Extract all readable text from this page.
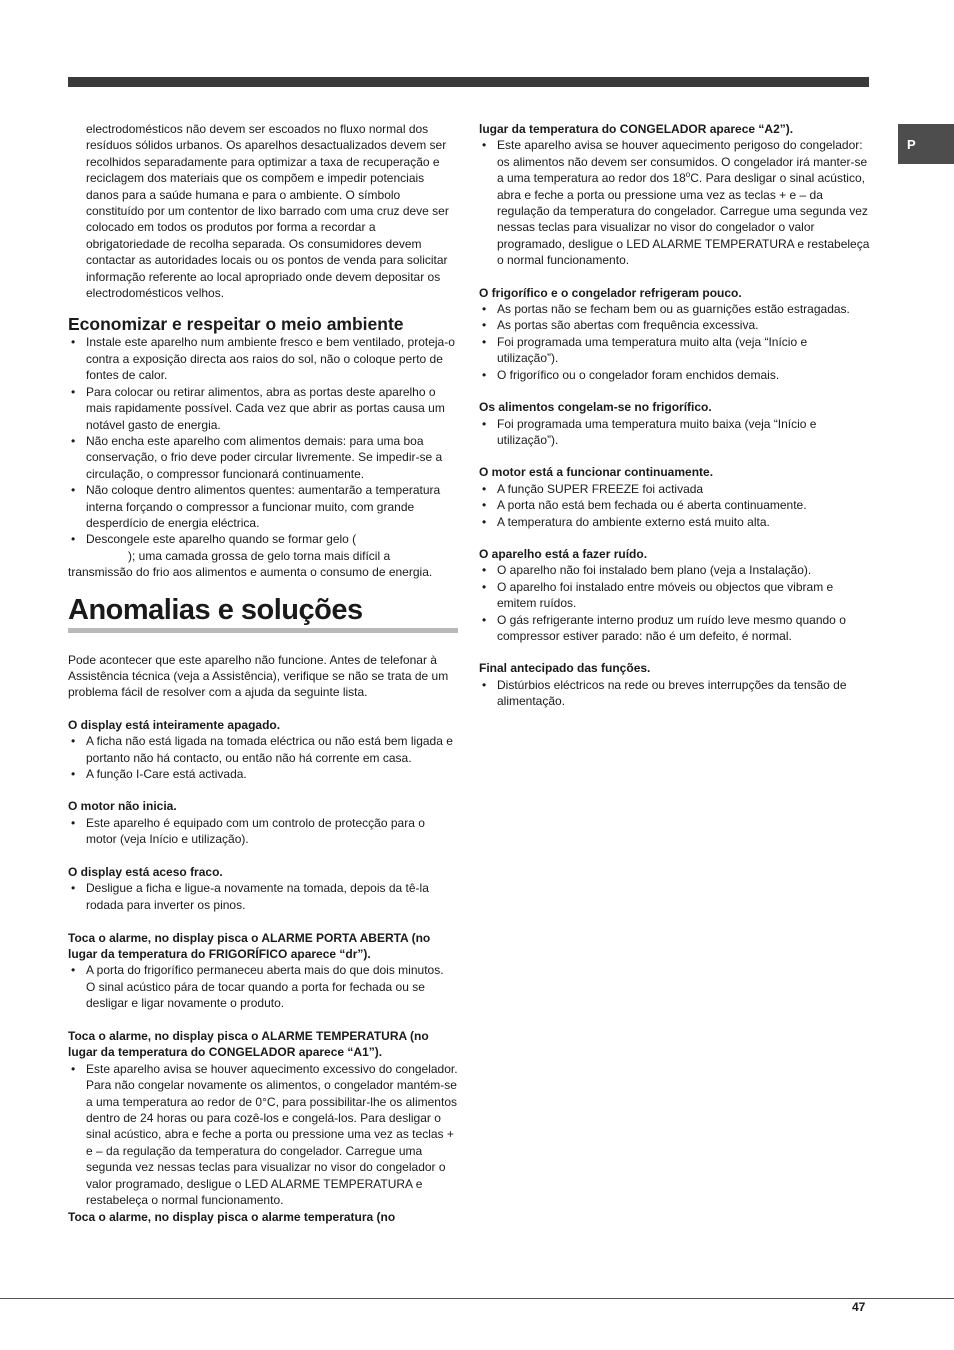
P

electrodomésticos não devem ser escoados no fluxo normal dos resíduos sólidos urbanos. Os aparelhos desactualizados devem ser recolhidos separadamente para optimizar a taxa de recuperação e reciclagem dos materiais que os compõem e impedir potenciais danos para a saúde humana e para o ambiente. O símbolo constituído por um contentor de lixo barrado com uma cruz deve ser colocado em todos os produtos por forma a recordar a obrigatoriedade de recolha separada. Os consumidores devem contactar as autoridades locais ou os pontos de venda para solicitar informação referente ao local apropriado onde devem depositar os electrodomésticos velhos.

Economizar e respeitar o meio ambiente
• Instale este aparelho num ambiente fresco e bem ventilado, proteja-o contra a exposição directa aos raios do sol, não o coloque perto de fontes de calor.
• Para colocar ou retirar alimentos, abra as portas deste aparelho o mais rapidamente possível. Cada vez que abrir as portas causa um notável gasto de energia.
• Não encha este aparelho com alimentos demais: para uma boa conservação, o frio deve poder circular livremente. Se impedir-se a circulação, o compressor funcionará continuamente.
• Não coloque dentro alimentos quentes: aumentarão a temperatura interna forçando o compressor a funcionar muito, com grande desperdício de energia eléctrica.
• Descongele este aparelho quando se formar gelo (

); uma camada grossa de gelo torna mais difícil a transmissão do frio aos alimentos e aumenta o consumo de energia.

Anomalias e soluções

Pode acontecer que este aparelho não funcione. Antes de telefonar à Assistência técnica (veja a Assistência), verifique se não se trata de um problema fácil de resolver com a ajuda da seguinte lista.

O display está inteiramente apagado.

• A ficha não está ligada na tomada eléctrica ou não está bem ligada e portanto não há contacto, ou então não há corrente em casa.
• A função I-Care está activada.

O motor não inicia.

• Este aparelho é equipado com um controlo de protecção para o motor (veja Início e utilização).

O display está aceso fraco.

• Desligue a ficha e ligue-a novamente na tomada, depois da tê-la rodada para inverter os pinos.

Toca o alarme, no display pisca o ALARME PORTA ABERTA (no lugar da temperatura do FRIGORÍFICO aparece “dr”).

• A porta do frigorífico permaneceu aberta mais do que dois minutos.

O sinal acústico pára de tocar quando a porta for fechada ou se desligar e ligar novamente o produto.

Toca o alarme, no display pisca o ALARME TEMPERATURA (no lugar da temperatura do CONGELADOR aparece “A1”).

• Este aparelho avisa se houver aquecimento excessivo do congelador.

Para não congelar novamente os alimentos, o congelador mantém-se a uma temperatura ao redor de 0°C, para possibilitar-lhe os alimentos dentro de 24 horas ou para cozê-los e congelá-los. Para desligar o sinal acústico, abra e feche a porta ou pressione uma vez as teclas + e – da regulação da temperatura do congelador. Carregue uma segunda vez nessas teclas para visualizar no visor do congelador o valor programado, desligue o LED ALARME TEMPERATURA e restabeleça o normal funcionamento.

Toca o alarme, no display pisca o alarme temperatura (no

lugar da temperatura do CONGELADOR aparece “A2”).

• Este aparelho avisa se houver aquecimento perigoso do congelador: os alimentos não devem ser consumidos. O congelador irá manter-se a uma temperatura ao redor dos 18$^o$C. Para desligar o sinal acústico, abra e feche a porta ou pressione uma vez as teclas + e – da regulação da temperatura do congelador. Carregue uma segunda vez nessas teclas para visualizar no visor do congelador o valor programado, desligue o LED ALARME TEMPERATURA e restabeleça o normal funcionamento.

O frigorífico e o congelador refrigeram pouco.

• As portas não se fecham bem ou as guarnições estão estragadas.
• As portas são abertas com frequência excessiva.
• Foi programada uma temperatura muito alta (veja “Início e utilização”).
• O frigorífico ou o congelador foram enchidos demais.

Os alimentos congelam-se no frigorífico.

• Foi programada uma temperatura muito baixa (veja “Início e utilização”).

O motor está a funcionar continuamente.

• A função SUPER FREEZE foi activada
• A porta não está bem fechada ou é aberta continuamente.
• A temperatura do ambiente externo está muito alta.

O aparelho está a fazer ruído.

• O aparelho não foi instalado bem plano (veja a Instalação).
• O aparelho foi instalado entre móveis ou objectos que vibram e emitem ruídos.
• O gás refrigerante interno produz um ruído leve mesmo quando o compressor estiver parado: não é um defeito, é normal.

Final antecipado das funções.

• Distúrbios eléctricos na rede ou breves interrupções da tensão de alimentação.
47
